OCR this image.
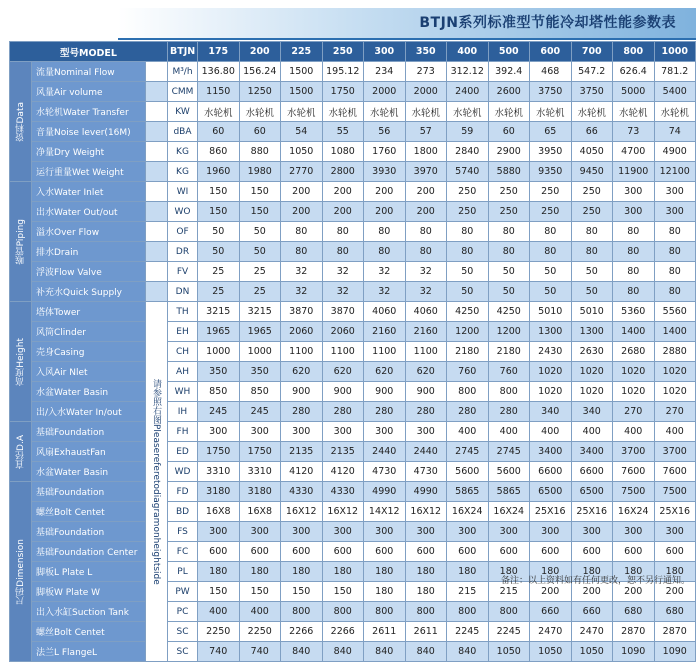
BTJN系列标准型节能冷却塔性能参数表
型号MODEL			BTJN	175	200	225	250	300	350	400	500	600	700	800	1000

资料Data	流量Nominal Flow		M³/h	136.80	156.24	1500	195.12	234	273	312.12	392.4	468	547.2	626.4	781.2
	风量Air volume		CMM	1150	1250	1500	1750	2000	2000	2400	2600	3750	3750	5000	5400
	水轮机Water Transfer		KW	水轮机	水轮机	水轮机	水轮机	水轮机	水轮机	水轮机	水轮机	水轮机	水轮机	水轮机	水轮机
	音量Noise lever(16M)		dBA	60	60	54	55	56	57	59	60	65	66	73	74
	净量Dry Weight		KG	860	880	1050	1080	1760	1800	2840	2900	3950	4050	4700	4900
	运行重量Wet Weight		KG	1960	1980	2770	2800	3930	3970	5740	5880	9350	9450	11900	12100

喉管Piping	入水Water Inlet		WI	150	150	200	200	200	200	250	250	250	250	300	300
	出水Water Out/out		WO	150	150	200	200	200	200	250	250	250	250	300	300
	溢水Over Flow		OF	50	50	80	80	80	80	80	80	80	80	80	80
	排水Drain		DR	50	50	80	80	80	80	80	80	80	80	80	80
	浮波Flow Valve		FV	25	25	32	32	32	32	50	50	50	50	80	80
	补充水Quick Supply		DN	25	25	32	32	32	32	50	50	50	50	80	80

高度Height	塔体Tower	请参照右图Pleasereferetodiagramonheightside	TH	3215	3215	3870	3870	4060	4060	4250	4250	5010	5010	5360	5560
	风筒Clinder		EH	1965	1965	2060	2060	2160	2160	1200	1200	1300	1300	1400	1400
	壳身Casing		CH	1000	1000	1100	1100	1100	1100	2180	2180	2430	2630	2680	2880
	入风Air Nlet		AH	350	350	620	620	620	620	760	760	1020	1020	1020	1020
	水盆Water Basin		WH	850	850	900	900	900	900	800	800	1020	1020	1020	1020
	出/入水Water In/out		IH	245	245	280	280	280	280	280	280	340	340	270	270

直径D.A	基础Foundation		FH	300	300	300	300	300	300	400	400	400	400	400	400
	风扇ExhaustFan		ED	1750	1750	2135	2135	2440	2440	2745	2745	3400	3400	3700	3700
	水盆Water Basin		WD	3310	3310	4120	4120	4730	4730	5600	5600	6600	6600	7600	7600

尺码Dimension	基础Foundation		FD	3180	3180	4330	4330	4990	4990	5865	5865	6500	6500	7500	7500
	螺丝Bolt Centet		BD	16X8	16X8	16X12	16X12	14X12	16X12	16X24	16X24	25X16	25X16	16X24	25X16
	基础Foundation		FS	300	300	300	300	300	300	300	300	300	300	300	300
	基础Foundation Center		FC	600	600	600	600	600	600	600	600	600	600	600	600
	脚板L Plate L		PL	180	180	180	180	180	180	180	180	180	180	180	180
	脚板W Plate W		PW	150	150	150	150	180	180	215	215	200	200	200	200
	出入水缸Suction Tank		PC	400	400	800	800	800	800	800	800	660	660	680	680
	螺丝Bolt Centet		SC	2250	2250	2266	2266	2611	2611	2245	2245	2470	2470	2870	2870
	法兰L FlangeL		SC	740	740	840	840	840	840	840	1050	1050	1050	1090	1090
备注：以上资料如有任何更改，恕不另行通知。
